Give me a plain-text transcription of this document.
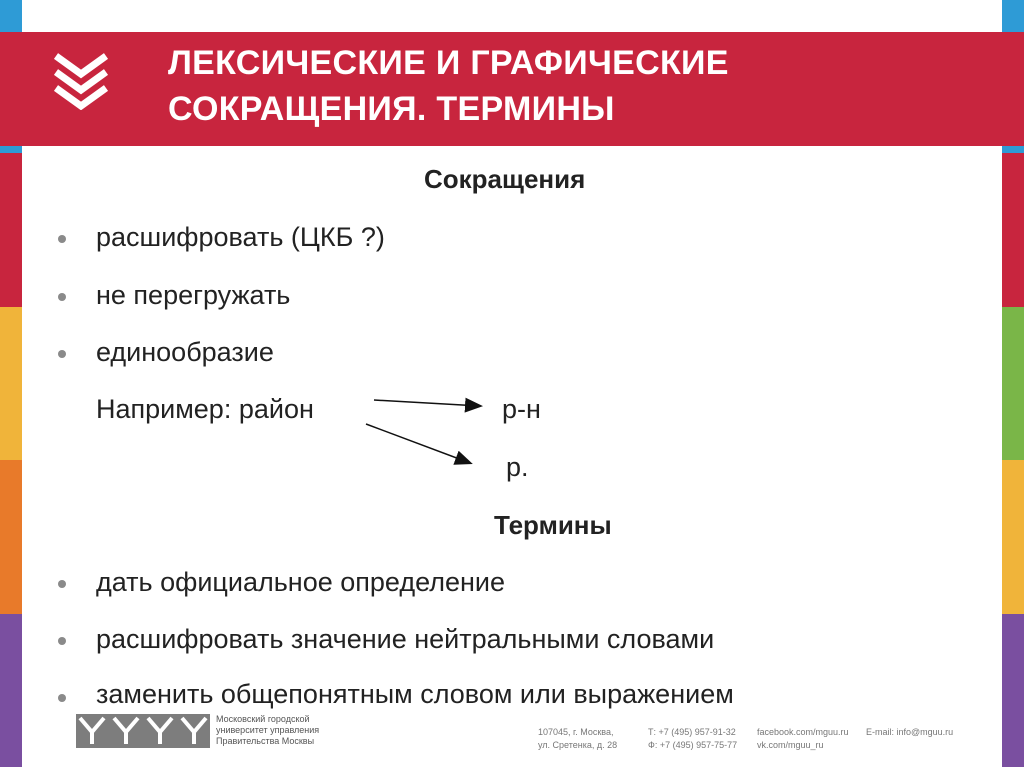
ЛЕКСИЧЕСКИЕ И ГРАФИЧЕСКИЕ
СОКРАЩЕНИЯ. ТЕРМИНЫ
Сокращения
расшифровать (ЦКБ ?)
не перегружать
единообразие
Например: район	р-н
р.
Термины
дать официальное определение
расшифровать значение нейтральными словами
заменить общепонятным словом или выражением
Московский городской
университет управления
Правительства Москвы
107045, г. Москва,
ул. Сретенка, д. 28
Т: +7 (495) 957-91-32
Ф: +7 (495) 957-75-77
facebook.com/mguu.ru
vk.com/mguu_ru
E-mail: info@mguu.ru
